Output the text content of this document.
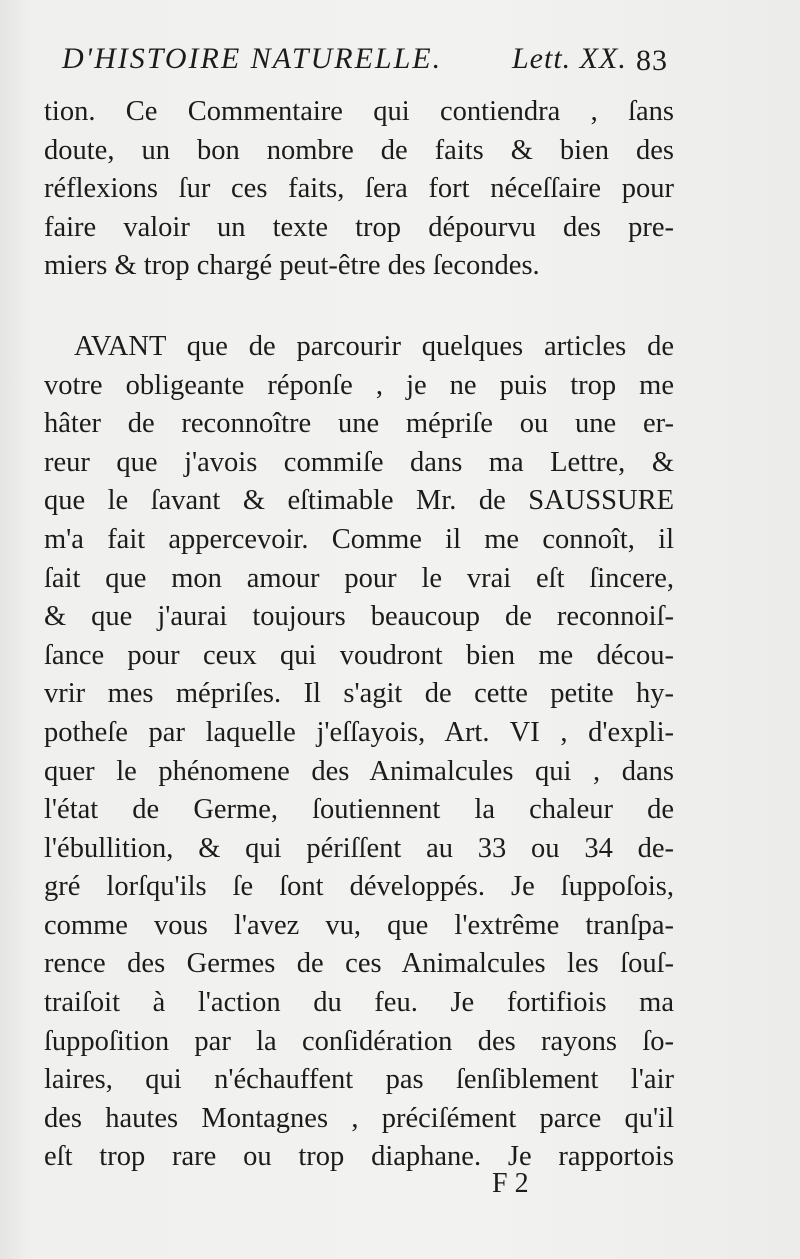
D'HISTOIRE NATURELLE. Lett. XX. 83
tion. Ce Commentaire qui contiendra , ſans
doute, un bon nombre de faits & bien des
réflexions ſur ces faits, ſera fort néceſſaire pour
faire valoir un texte trop dépourvu des pre-
miers & trop chargé peut-être des ſecondes.
AVANT que de parcourir quelques articles de
votre obligeante réponſe , je ne puis trop me
hâter de reconnoître une mépriſe ou une er-
reur que j'avois commiſe dans ma Lettre, &
que le ſavant & eſtimable Mr. de SAUSSURE
m'a fait appercevoir. Comme il me connoît, il
ſait que mon amour pour le vrai eſt ſincere,
& que j'aurai toujours beaucoup de reconnoiſ-
ſance pour ceux qui voudront bien me décou-
vrir mes mépriſes. Il s'agit de cette petite hy-
potheſe par laquelle j'eſſayois, Art. VI , d'expli-
quer le phénomene des Animalcules qui , dans
l'état de Germe, ſoutiennent la chaleur de
l'ébullition, & qui périſſent au 33 ou 34 de-
gré lorſqu'ils ſe ſont développés. Je ſuppoſois,
comme vous l'avez vu, que l'extrême tranſpa-
rence des Germes de ces Animalcules les ſouſ-
traiſoit à l'action du feu. Je fortifiois ma
ſuppoſition par la conſidération des rayons ſo-
laires, qui n'échauffent pas ſenſiblement l'air
des hautes Montagnes , préciſément parce qu'il
eſt trop rare ou trop diaphane. Je rapportois
F 2
